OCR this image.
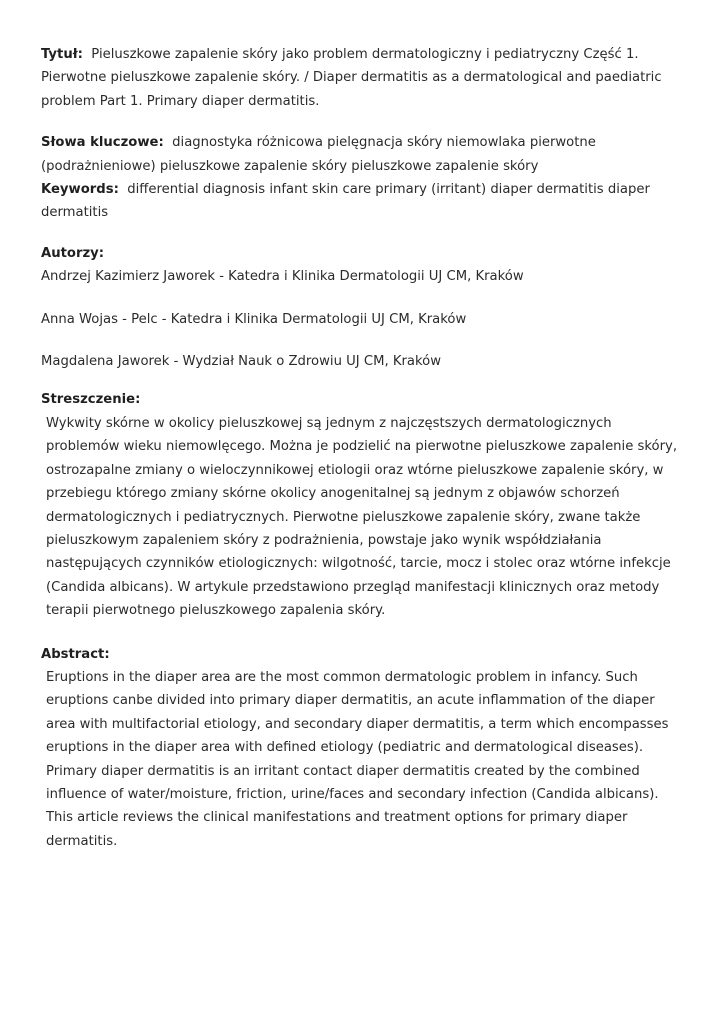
Tytuł: Pieluszkowe zapalenie skóry jako problem dermatologiczny i pediatryczny Część 1. Pierwotne pieluszkowe zapalenie skóry. / Diaper dermatitis as a dermatological and paediatric problem Part 1. Primary diaper dermatitis.

Słowa kluczowe: diagnostyka różnicowa pielęgnacja skóry niemowlaka pierwotne (podrażnieniowe) pieluszkowe zapalenie skóry pieluszkowe zapalenie skóry

Keywords: differential diagnosis infant skin care primary (irritant) diaper dermatitis diaper dermatitis

Autorzy:

Andrzej Kazimierz Jaworek - Katedra i Klinika Dermatologii UJ CM, Kraków

Anna Wojas - Pelc - Katedra i Klinika Dermatologii UJ CM, Kraków

Magdalena Jaworek - Wydział Nauk o Zdrowiu UJ CM, Kraków

Streszczenie:

Wykwity skórne w okolicy pieluszkowej są jednym z najczęstszych dermatologicznych problemów wieku niemowlęcego. Można je podzielić na pierwotne pieluszkowe zapalenie skóry, ostrozapalne zmiany o wieloczynnikowej etiologii oraz wtórne pieluszkowe zapalenie skóry, w przebiegu którego zmiany skórne okolicy anogenitalnej są jednym z objawów schorzeń dermatologicznych i pediatrycznych. Pierwotne pieluszkowe zapalenie skóry, zwane także pieluszkowym zapaleniem skóry z podrażnienia, powstaje jako wynik współdziałania następujących czynników etiologicznych: wilgotność, tarcie, mocz i stolec oraz wtórne infekcje (Candida albicans). W artykule przedstawiono przegląd manifestacji klinicznych oraz metody terapii pierwotnego pieluszkowego zapalenia skóry.

Abstract:

Eruptions in the diaper area are the most common dermatologic problem in infancy. Such eruptions canbe divided into primary diaper dermatitis, an acute inflammation of the diaper area with multifactorial etiology, and secondary diaper dermatitis, a term which encompasses eruptions in the diaper area with defined etiology (pediatric and dermatological diseases). Primary diaper dermatitis is an irritant contact diaper dermatitis created by the combined influence of water/moisture, friction, urine/faces and secondary infection (Candida albicans). This article reviews the clinical manifestations and treatment options for primary diaper dermatitis.
